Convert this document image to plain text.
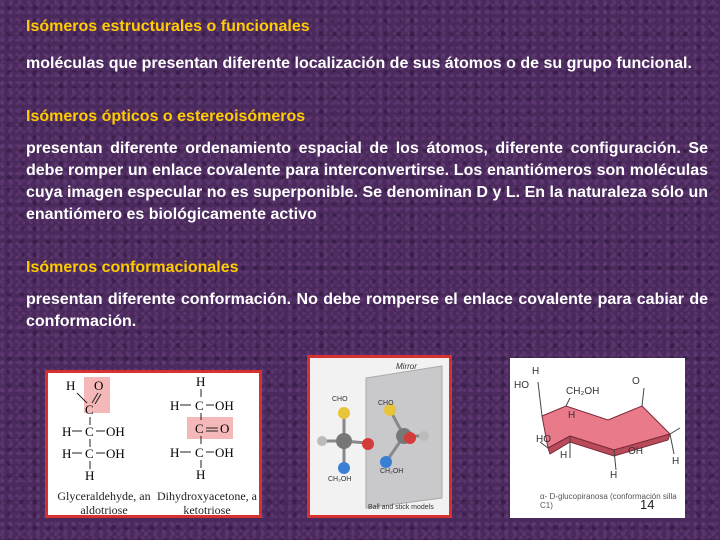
Isómeros estructurales o funcionales
moléculas que presentan diferente localización de sus átomos o de su grupo funcional.
Isómeros ópticos o estereoisómeros
presentan diferente ordenamiento espacial de los átomos, diferente configuración. Se debe romper un enlace covalente para interconvertirse. Los enantiómeros son moléculas cuya imagen especular no es superponible. Se denominan D y L. En la naturaleza sólo un enantiómero es biológicamente activo
Isómeros conformacionales
presentan diferente conformación. No debe romperse el enlace covalente para cabiar de conformación.
H O
C
H C OH
H C OH
H
H
H C OH
C O
H C OH
H
Glyceraldehyde, an aldotriose
Dihydroxyacetone, a ketotriose
Mirror
CHO
CHO
CH₂OH
CH₂OH
Ball and stick models
H
HO
CH₂OH
O
H
HO
H	OH
H
H
α- D-glucopiranosa (conformación silla C1)	14
